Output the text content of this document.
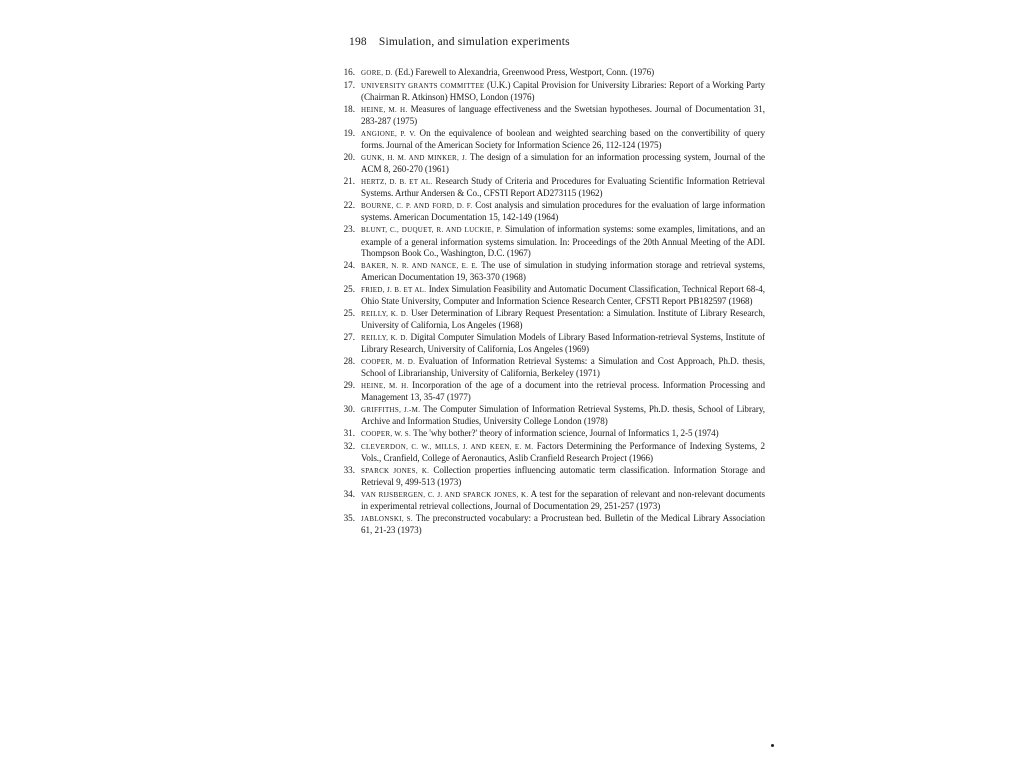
198 Simulation, and simulation experiments
16. GORE, D. (Ed.) Farewell to Alexandria, Greenwood Press, Westport, Conn. (1976)
17. UNIVERSITY GRANTS COMMITTEE (U.K.) Capital Provision for University Libraries: Report of a Working Party (Chairman R. Atkinson) HMSO, London (1976)
18. HEINE, M. H. Measures of language effectiveness and the Swetsian hypotheses. Journal of Documentation 31, 283-287 (1975)
19. ANGIONE, P. V. On the equivalence of boolean and weighted searching based on the convertibility of query forms. Journal of the American Society for Information Science 26, 112-124 (1975)
20. GUNK, H. M. AND MINKER, J. The design of a simulation for an information processing system, Journal of the ACM 8, 260-270 (1961)
21. HERTZ, D. B. ET AL. Research Study of Criteria and Procedures for Evaluating Scientific Information Retrieval Systems. Arthur Andersen & Co., CFSTI Report AD273115 (1962)
22. BOURNE, C. P. AND FORD, D. F. Cost analysis and simulation procedures for the evaluation of large information systems. American Documentation 15, 142-149 (1964)
23. BLUNT, C., DUQUET, R. AND LUCKIE, P. Simulation of information systems: some examples, limitations, and an example of a general information systems simulation. In: Proceedings of the 20th Annual Meeting of the ADI. Thompson Book Co., Washington, D.C. (1967)
24. BAKER, N. R. AND NANCE, E. E. The use of simulation in studying information storage and retrieval systems, American Documentation 19, 363-370 (1968)
25. FRIED, J. B. ET AL. Index Simulation Feasibility and Automatic Document Classification, Technical Report 68-4, Ohio State University, Computer and Information Science Research Center, CFSTI Report PB182597 (1968)
25. REILLY, K. D. User Determination of Library Request Presentation: a Simulation. Institute of Library Research, University of California, Los Angeles (1968)
27. REILLY, K. D. Digital Computer Simulation Models of Library Based Information-retrieval Systems, Institute of Library Research, University of California, Los Angeles (1969)
28. COOPER, M. D. Evaluation of Information Retrieval Systems: a Simulation and Cost Approach, Ph.D. thesis, School of Librarianship, University of California, Berkeley (1971)
29. HEINE, M. H. Incorporation of the age of a document into the retrieval process. Information Processing and Management 13, 35-47 (1977)
30. GRIFFITHS, J.-M. The Computer Simulation of Information Retrieval Systems, Ph.D. thesis, School of Library, Archive and Information Studies, University College London (1978)
31. COOPER, W. S. The 'why bother?' theory of information science, Journal of Informatics 1, 2-5 (1974)
32. CLEVERDON, C. W., MILLS, J. AND KEEN, E. M. Factors Determining the Performance of Indexing Systems, 2 Vols., Cranfield, College of Aeronautics, Aslib Cranfield Research Project (1966)
33. SPARCK JONES, K. Collection properties influencing automatic term classification. Information Storage and Retrieval 9, 499-513 (1973)
34. VAN RIJSBERGEN, C. J. AND SPARCK JONES, K. A test for the separation of relevant and non-relevant documents in experimental retrieval collections, Journal of Documentation 29, 251-257 (1973)
35. JABLONSKI, S. The preconstructed vocabulary: a Procrustean bed. Bulletin of the Medical Library Association 61, 21-23 (1973)
